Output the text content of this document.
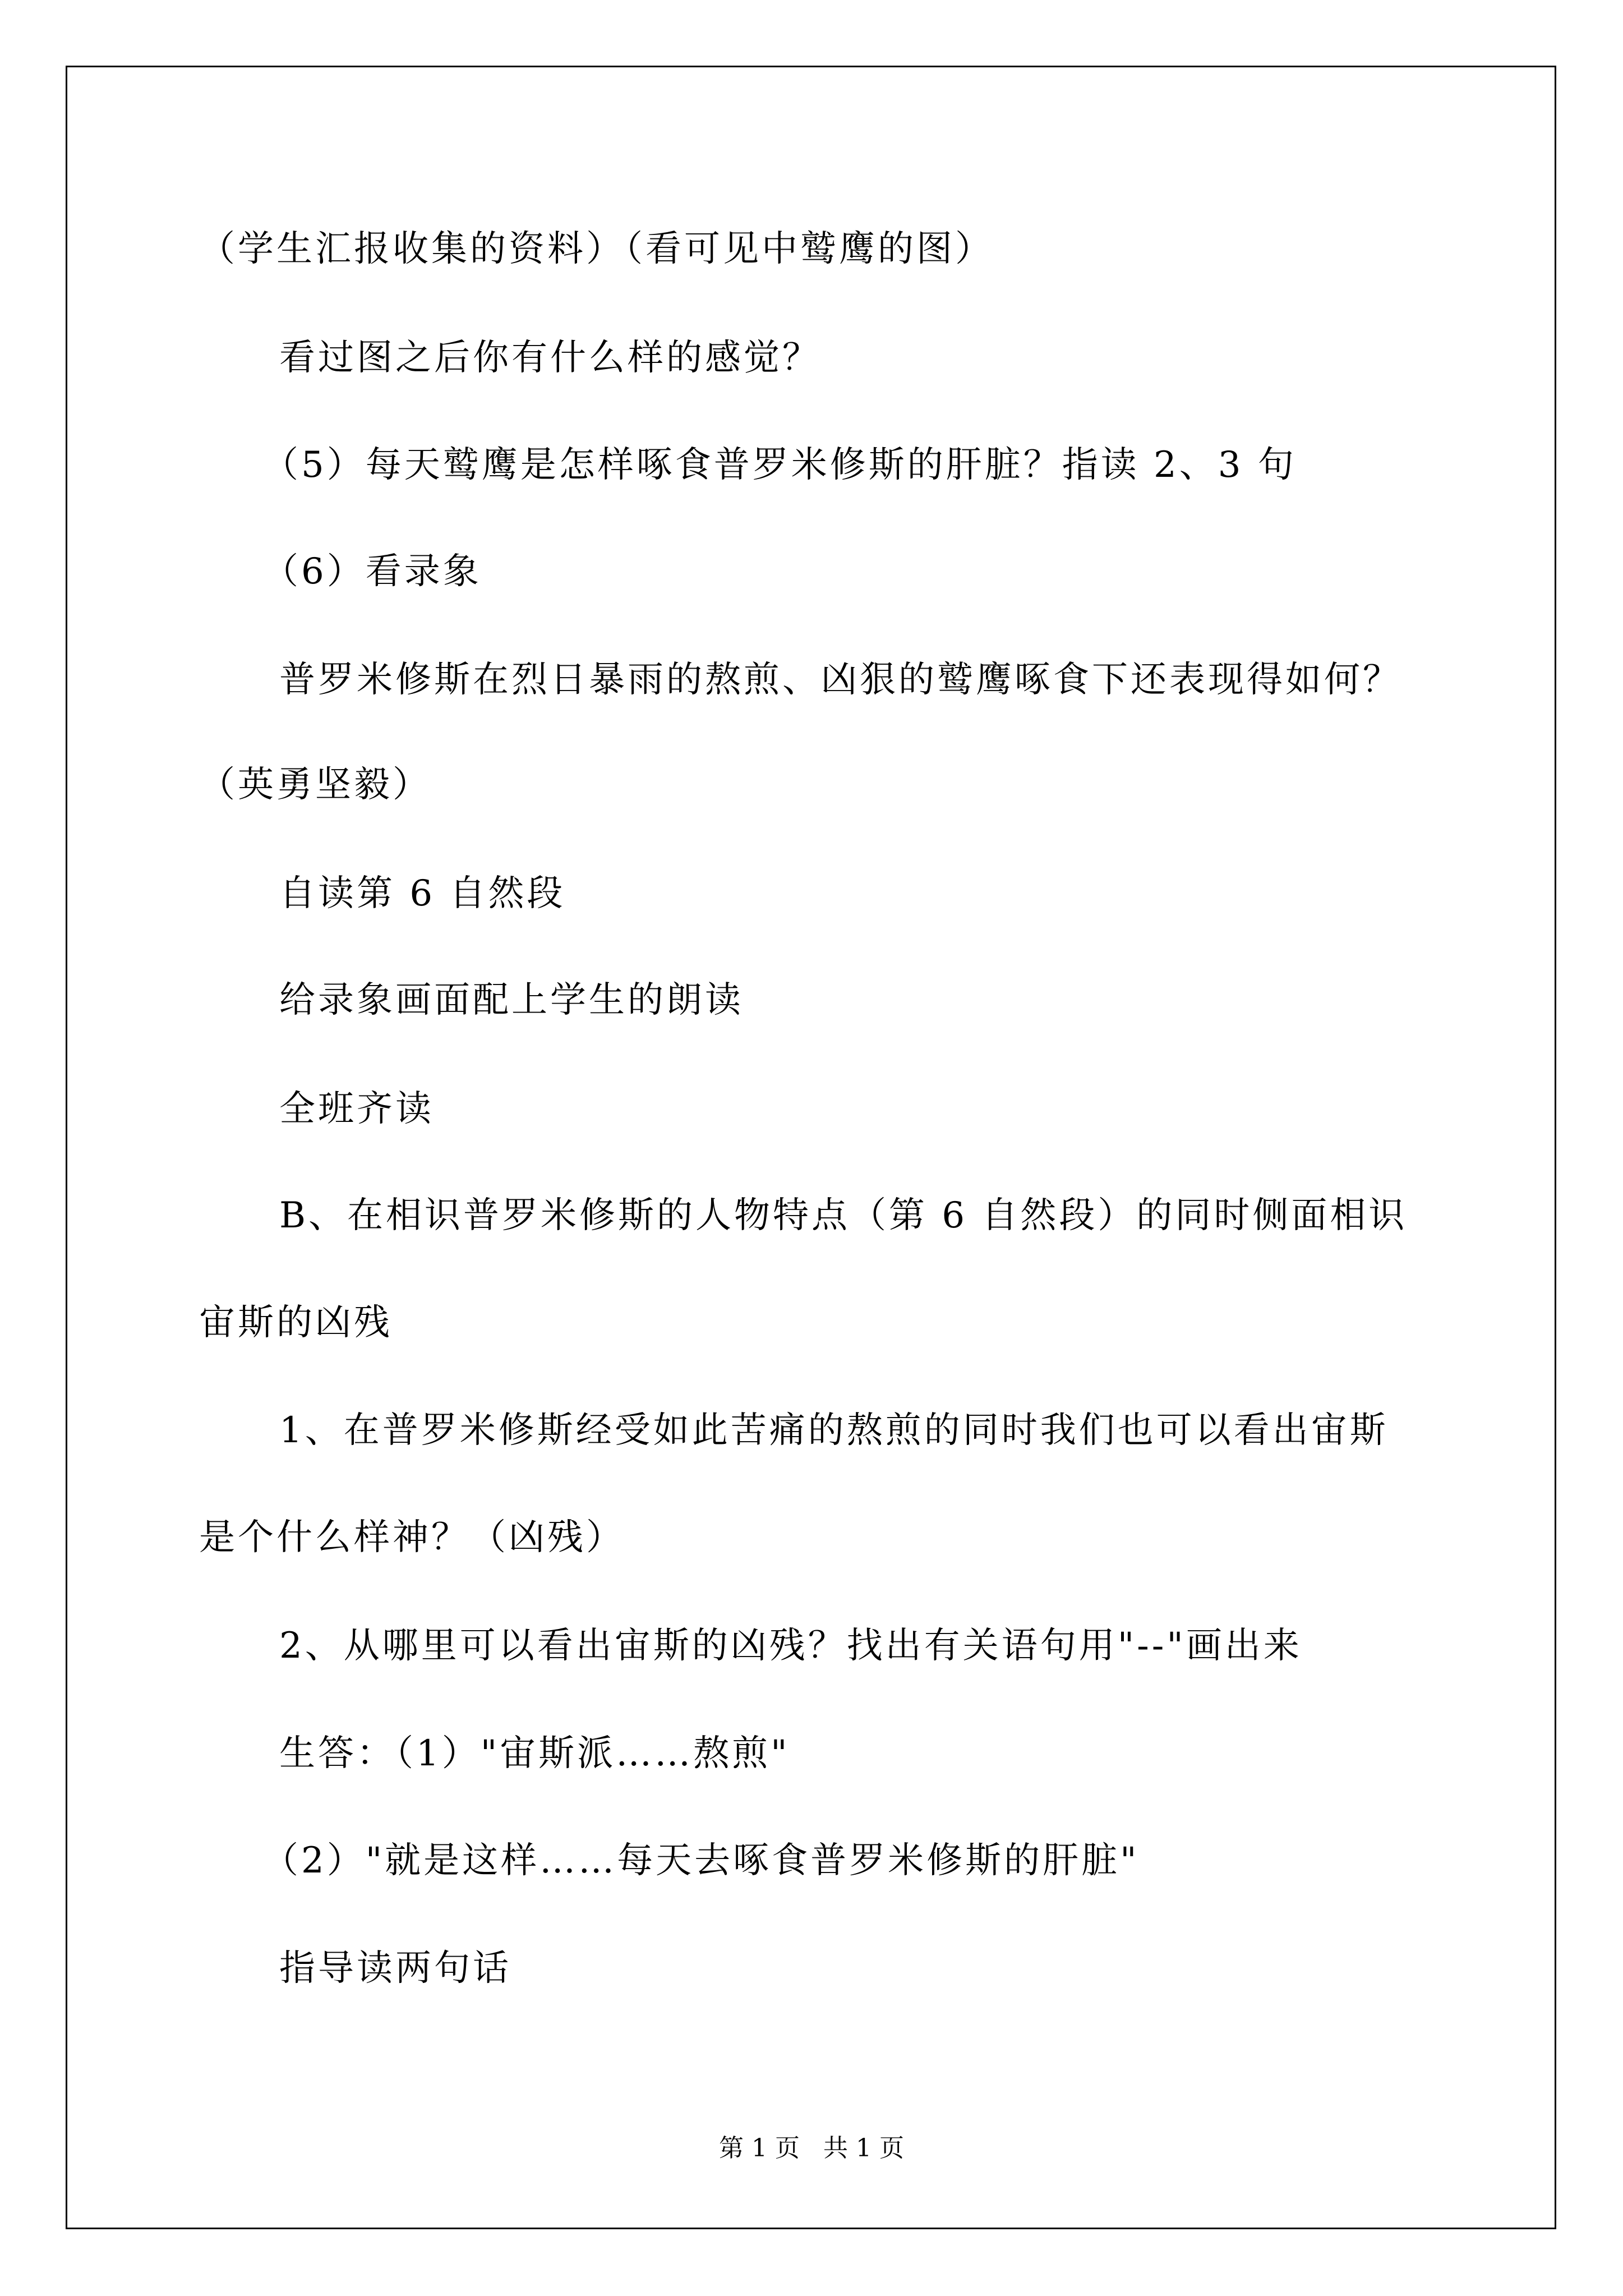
（学生汇报收集的资料）（看可见中鹫鹰的图）
看过图之后你有什么样的感觉？
（5）每天鹫鹰是怎样啄食普罗米修斯的肝脏？指读 2、3 句
（6）看录象
普罗米修斯在烈日暴雨的熬煎、凶狠的鹫鹰啄食下还表现得如何？
（英勇坚毅）
自读第 6 自然段
给录象画面配上学生的朗读
全班齐读
B、在相识普罗米修斯的人物特点（第 6 自然段）的同时侧面相识
宙斯的凶残
1、在普罗米修斯经受如此苦痛的熬煎的同时我们也可以看出宙斯
是个什么样神？（凶残）
2、从哪里可以看出宙斯的凶残？找出有关语句用"--"画出来
生答：（1）"宙斯派……熬煎"
（2）"就是这样……每天去啄食普罗米修斯的肝脏"
指导读两句话
第 1 页   共 1 页
